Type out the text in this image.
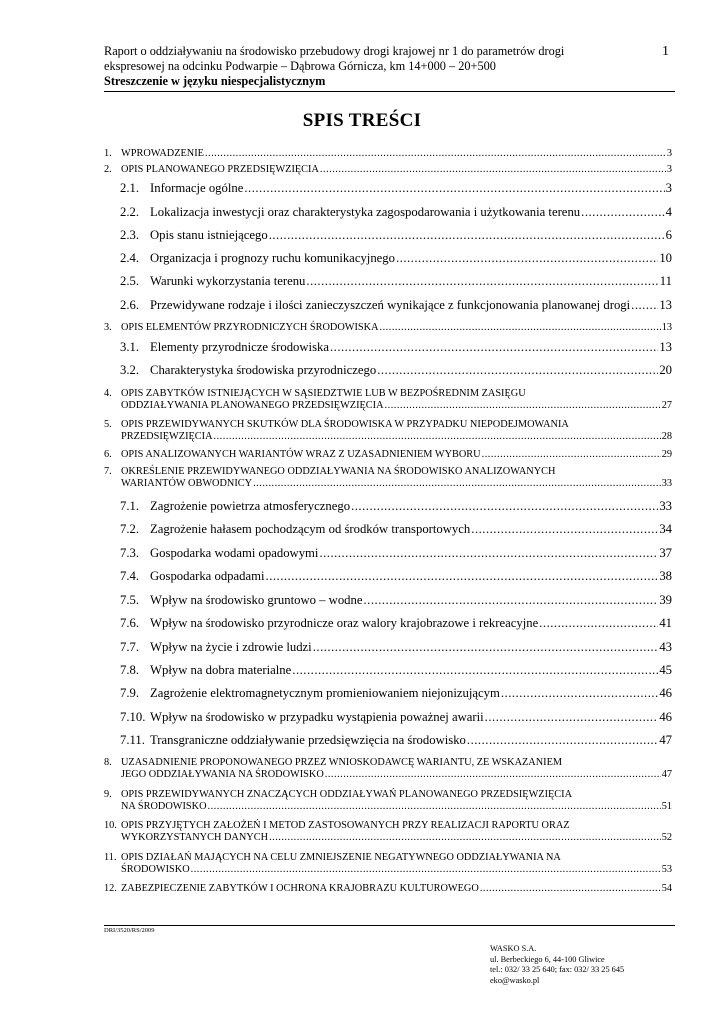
Raport o oddziaływaniu na środowisko przebudowy drogi krajowej nr 1 do parametrów drogi
ekspresowej na odcinku Podwarpie – Dąbrowa Górnicza, km 14+000 – 20+500
Streszczenie w języku niespecjalistycznym
1
SPIS TREŚCI
1. WPROWADZENIE .....	3
2. OPIS PLANOWANEGO PRZEDSIĘWZIĘCIA .....	3
2.1. Informacje ogólne .....	3
2.2. Lokalizacja inwestycji oraz charakterystyka zagospodarowania i użytkowania terenu .....	4
2.3. Opis stanu istniejącego .....	6
2.4. Organizacja i prognozy ruchu komunikacyjnego .....	10
2.5. Warunki wykorzystania terenu .....	11
2.6. Przewidywane rodzaje i ilości zanieczyszczeń wynikające z funkcjonowania planowanej drogi ..... 13
3. OPIS ELEMENTÓW PRZYRODNICZYCH ŚRODOWISKA .....	13
3.1. Elementy przyrodnicze środowiska .....	13
3.2. Charakterystyka środowiska przyrodniczego .....	20
4. OPIS ZABYTKÓW ISTNIEJĄCYCH W SĄSIEDZTWIE LUB W BEZPOŚREDNIM ZASIĘGU
ODDZIAŁYWANIA PLANOWANEGO PRZEDSIĘWZIĘCIA .....	27
5. OPIS PRZEWIDYWANYCH SKUTKÓW DLA ŚRODOWISKA W PRZYPADKU NIEPODEJMOWANIA
PRZEDSIĘWZIĘCIA .....	28
6. OPIS ANALIZOWANYCH WARIANTÓW WRAZ Z UZASADNIENIEM WYBORU .....	29
7. OKREŚLENIE PRZEWIDYWANEGO ODDZIAŁYWANIA NA ŚRODOWISKO ANALIZOWANYCH
WARIANTÓW OBWODNICY .....	33
7.1. Zagrożenie powietrza atmosferycznego .....	33
7.2. Zagrożenie hałasem pochodzącym od środków transportowych .....	34
7.3. Gospodarka wodami opadowymi .....	37
7.4. Gospodarka odpadami .....	38
7.5. Wpływ na środowisko gruntowo – wodne .....	39
7.6. Wpływ na środowisko przyrodnicze oraz walory krajobrazowe i rekreacyjne .....	41
7.7. Wpływ na życie i zdrowie ludzi .....	43
7.8. Wpływ na dobra materialne .....	45
7.9. Zagrożenie elektromagnetycznym promieniowaniem niejonizującym .....	46
7.10. Wpływ na środowisko w przypadku wystąpienia poważnej awarii .....	46
7.11. Transgraniczne oddziaływanie przedsięwzięcia na środowisko .....	47
8. UZASADNIENIE PROPONOWANEGO PRZEZ WNIOSKODAWCĘ WARIANTU, ZE WSKAZANIEM
JEGO ODDZIAŁYWANIA NA ŚRODOWISKO .....	47
9. OPIS PRZEWIDYWANYCH ZNACZĄCYCH ODDZIAŁYWAŃ PLANOWANEGO PRZEDSIĘWZIĘCIA
NA ŚRODOWISKO .....	51
10. OPIS PRZYJĘTYCH ZAŁOŻEŃ I METOD ZASTOSOWANYCH PRZY REALIZACJI RAPORTU ORAZ
WYKORZYSTANYCH DANYCH .....	52
11. OPIS DZIAŁAŃ MAJĄCYCH NA CELU ZMNIEJSZENIE NEGATYWNEGO ODDZIAŁYWANIA NA
ŚRODOWISKO .....	53
12. ZABEZPIECZENIE ZABYTKÓW I OCHRONA KRAJOBRAZU KULTUROWEGO .....	54
DRI/3520/RS/2009
WASKO S.A.
ul. Berbeckiego 6, 44-100 Gliwice
tel.: 032/ 33 25 640; fax: 032/ 33 25 645
eko@wasko.pl
